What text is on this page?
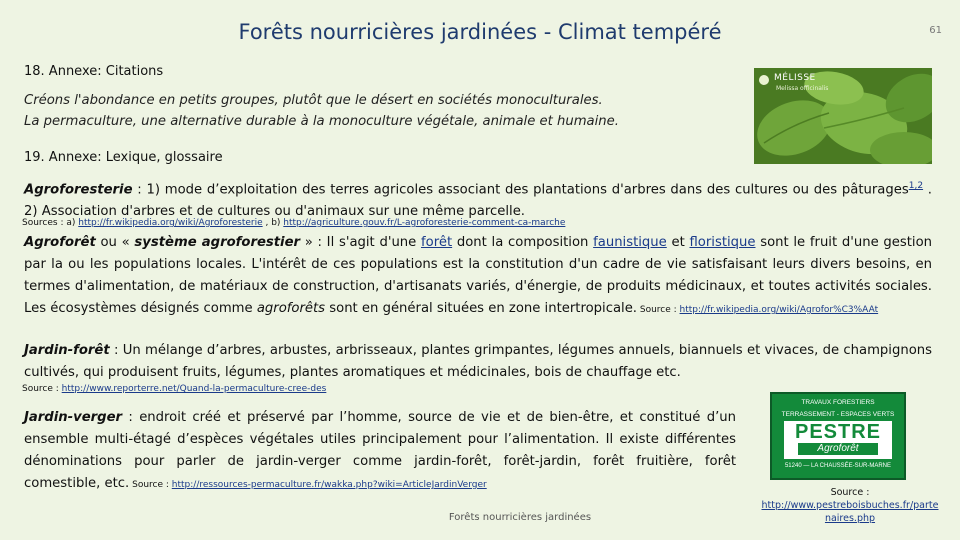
Forêts nourricières jardinées - Climat tempéré	61
18. Annexe: Citations
Créons l'abondance en petits groupes, plutôt que le désert en sociétés monoculturales.
La permaculture, une alternative durable à la monoculture végétale, animale et humaine.
MÉLISSE
Melissa officinalis
19. Annexe: Lexique, glossaire
Agroforesterie : 1) mode d’exploitation des terres agricoles associant des plantations d'arbres dans des cultures ou des pâturages$^{1,2}$ . 2) Association d'arbres et de cultures ou d'animaux sur une même parcelle.
Sources : a) http://fr.wikipedia.org/wiki/Agroforesterie , b) http://agriculture.gouv.fr/L-agroforesterie-comment-ca-marche
Agroforêt ou « système agroforestier » : Il s'agit d'une forêt dont la composition faunistique et floristique sont le fruit d'une gestion par la ou les populations locales. L'intérêt de ces populations est la constitution d'un cadre de vie satisfaisant leurs divers besoins, en termes d'alimentation, de matériaux de construction, d'artisanats variés, d'énergie, de produits médicinaux, et toutes activités sociales. Les écosystèmes désignés comme agroforêts sont en général situées en zone intertropicale. Source : http://fr.wikipedia.org/wiki/Agrofor%C3%AAt
Jardin-forêt : Un mélange d’arbres, arbustes, arbrisseaux, plantes grimpantes, légumes annuels, biannuels et vivaces, de champignons cultivés, qui produisent fruits, légumes, plantes aromatiques et médicinales, bois de chauffage etc.
Source : http://www.reporterre.net/Quand-la-permaculture-cree-des
Jardin-verger : endroit créé et préservé par l’homme, source de vie et de bien-être, et constitué d’un ensemble multi-étagé d’espèces végétales utiles principalement pour l’alimentation. Il existe différentes dénominations pour parler de jardin-verger comme jardin-forêt, forêt-jardin, forêt fruitière, forêt comestible, etc. Source : http://ressources-permaculture.fr/wakka.php?wiki=ArticleJardinVerger
TRAVAUX FORESTIERS
TERRASSEMENT - ESPACES VERTS
PESTRE
Agroforêt
51240 — LA CHAUSSÉE-SUR-MARNE
Source :
http://www.pestreboisbuches.fr/parte
naires.php
Forêts nourricières jardinées
